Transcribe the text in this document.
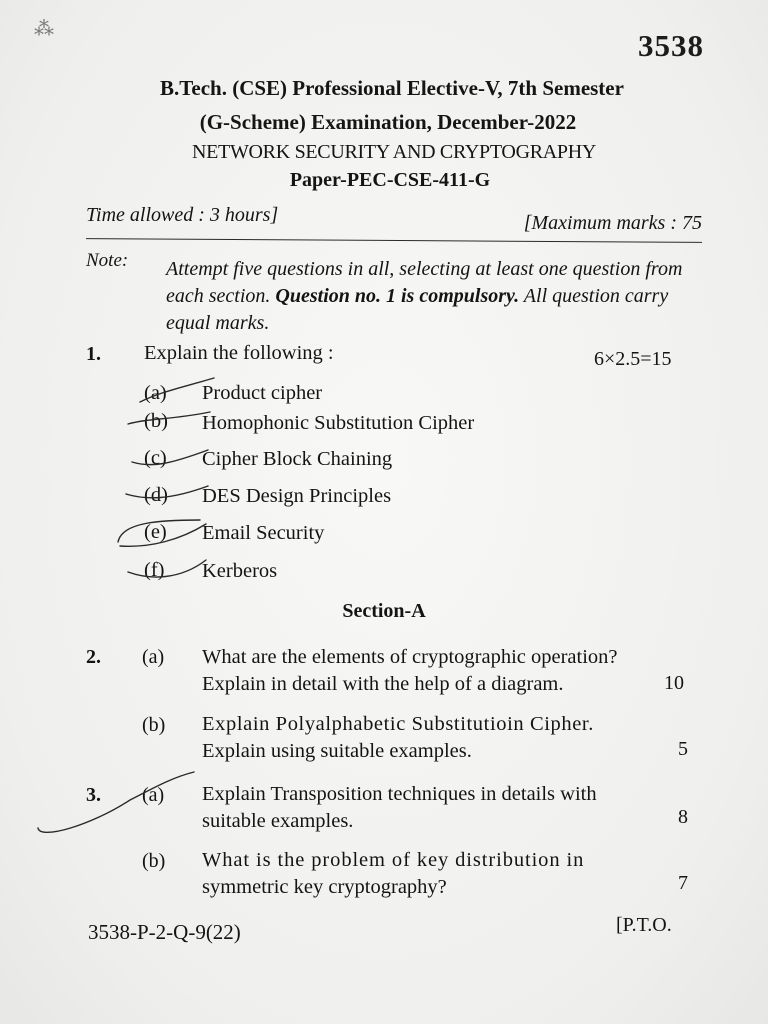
⁂	3538
B.Tech. (CSE) Professional Elective-V, 7th Semester
(G-Scheme) Examination, December-2022
NETWORK SECURITY AND CRYPTOGRAPHY
Paper-PEC-CSE-411-G
Time allowed : 3 hours]	[Maximum marks : 75
Note: Attempt five questions in all, selecting at least one question from each section. Question no. 1 is compulsory. All question carry equal marks.
1. Explain the following :	6×2.5=15
(a) Product cipher
(b) Homophonic Substitution Cipher
(c) Cipher Block Chaining
(d) DES Design Principles
(e) Email Security
(f) Kerberos
Section-A
2. (a) What are the elements of cryptographic operation?
Explain in detail with the help of a diagram.	10
(b) Explain Polyalphabetic Substitutioin Cipher.
Explain using suitable examples.	5
3. (a) Explain Transposition techniques in details with
suitable examples.	8
(b) What is the problem of key distribution in
symmetric key cryptography?	7
3538-P-2-Q-9(22)	[P.T.O.
